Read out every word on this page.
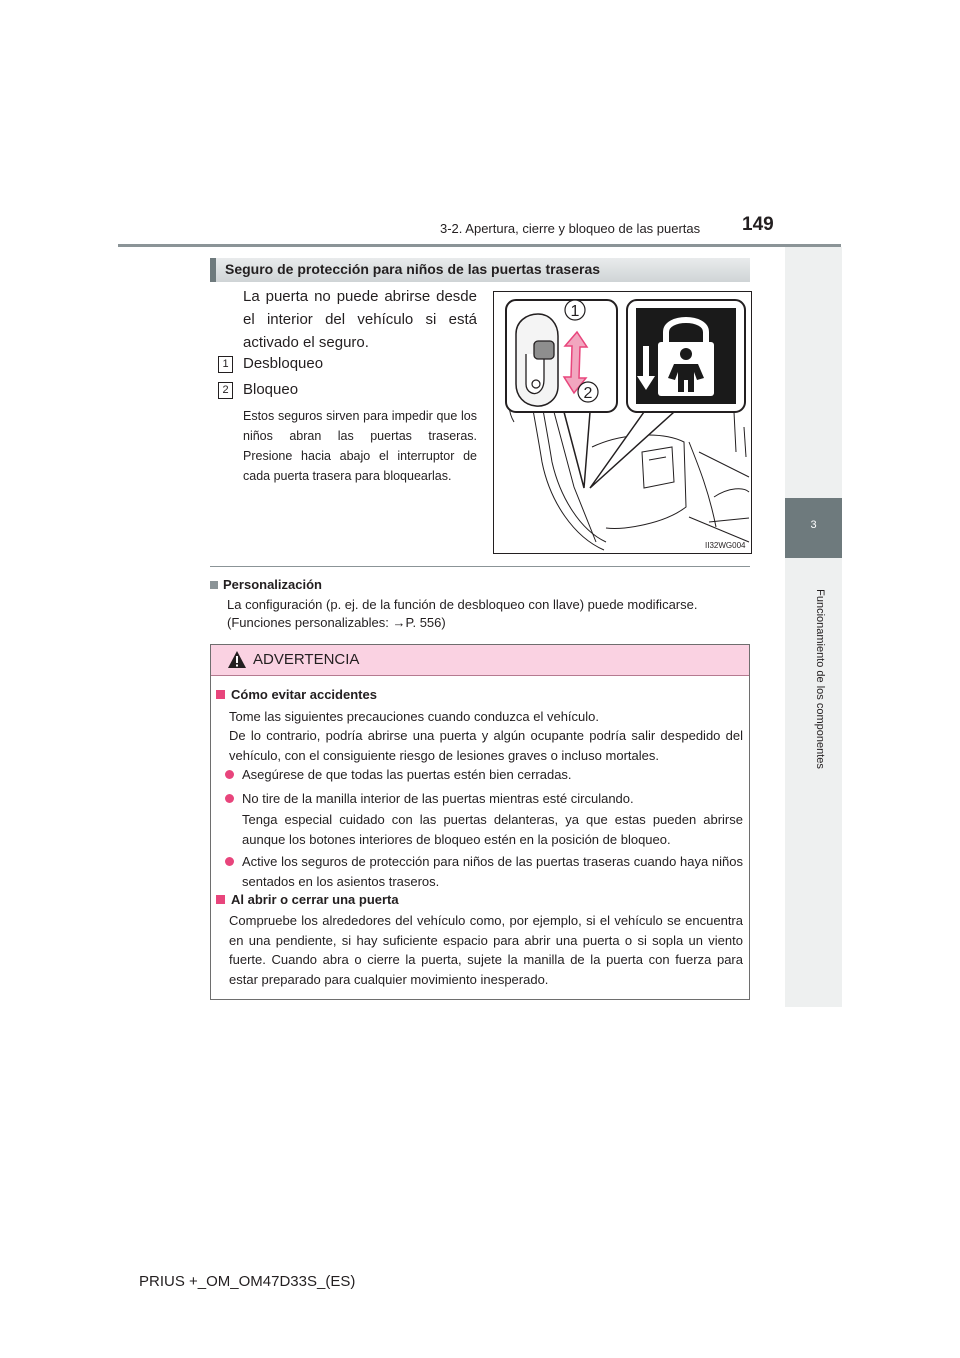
3-2. Apertura, cierre y bloqueo de las puertas 149
3
Funcionamiento de los componentes
Seguro de protección para niños de las puertas traseras
La puerta no puede abrirse desde el interior del vehículo si está activado el seguro.
1 Desbloqueo
2 Bloqueo
Estos seguros sirven para impedir que los niños abran las puertas traseras. Presione hacia abajo el interruptor de cada puerta trasera para bloquearlas.
1
2
II32WG004
Personalización
La configuración (p. ej. de la función de desbloqueo con llave) puede modificarse.
(Funciones personalizables: →P. 556)
ADVERTENCIA
Cómo evitar accidentes
Tome las siguientes precauciones cuando conduzca el vehículo.
De lo contrario, podría abrirse una puerta y algún ocupante podría salir despedido del vehículo, con el consiguiente riesgo de lesiones graves o incluso mortales.
Asegúrese de que todas las puertas estén bien cerradas.
No tire de la manilla interior de las puertas mientras esté circulando.
Tenga especial cuidado con las puertas delanteras, ya que estas pueden abrirse aunque los botones interiores de bloqueo estén en la posición de bloqueo.
Active los seguros de protección para niños de las puertas traseras cuando haya niños sentados en los asientos traseros.
Al abrir o cerrar una puerta
Compruebe los alrededores del vehículo como, por ejemplo, si el vehículo se encuentra en una pendiente, si hay suficiente espacio para abrir una puerta o si sopla un viento fuerte. Cuando abra o cierre la puerta, sujete la manilla de la puerta con fuerza para estar preparado para cualquier movimiento inesperado.
PRIUS +_OM_OM47D33S_(ES)
